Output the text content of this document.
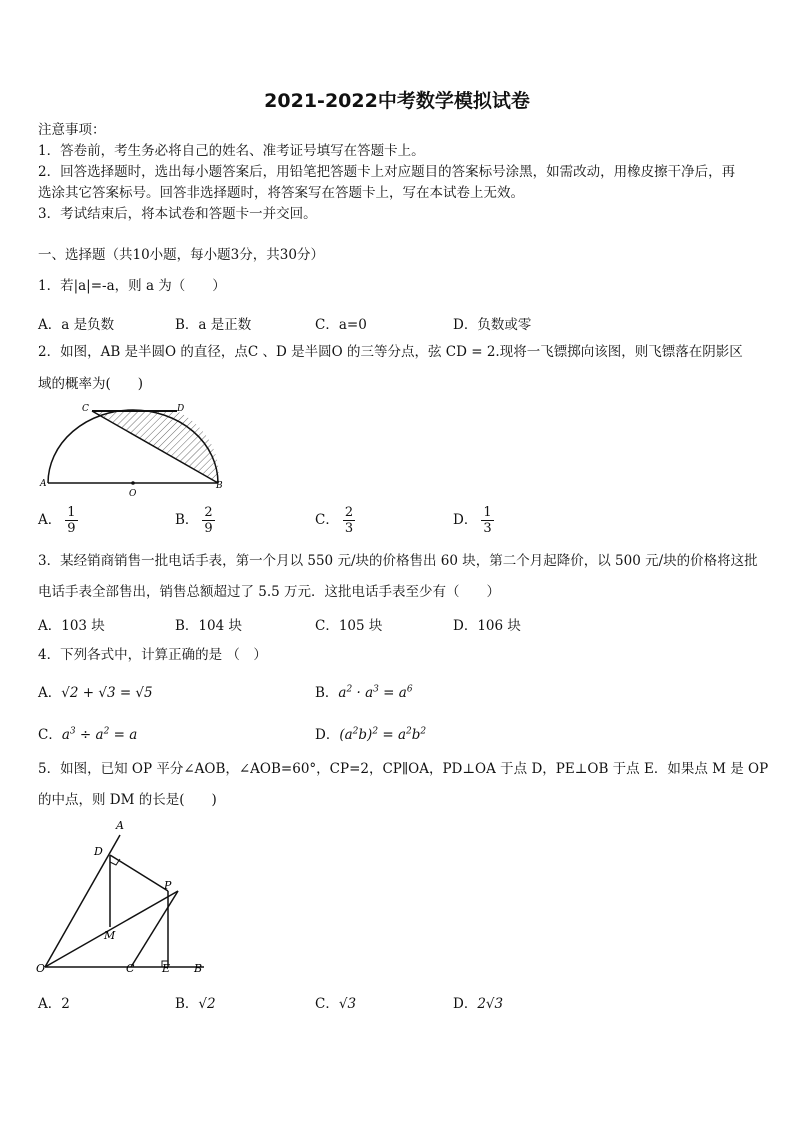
2021-2022中考数学模拟试卷
注意事项：
1．答卷前，考生务必将自己的姓名、准考证号填写在答题卡上。
2．回答选择题时，选出每小题答案后，用铅笔把答题卡上对应题目的答案标号涂黑，如需改动，用橡皮擦干净后，再
选涂其它答案标号。回答非选择题时，将答案写在答题卡上，写在本试卷上无效。
3．考试结束后，将本试卷和答题卡一并交回。
一、选择题（共10小题，每小题3分，共30分）
1．若|a|=-a，则 a 为（　　）
A．a 是负数	B．a 是正数	C．a=0	D．负数或零
2．如图，AB 是半圆O 的直径，点C 、D 是半圆O 的三等分点，弦 CD = 2.现将一飞镖掷向该图，则飞镖落在阴影区
域的概率为(　　)
C	D
A
O
B
A． $\frac{1}{9}$	B． $\frac{2}{9}$	C． $\frac{2}{3}$	D． $\frac{1}{3}$
3．某经销商销售一批电话手表，第一个月以 550 元/块的价格售出 60 块，第二个月起降价，以 500 元/块的价格将这批
电话手表全部售出，销售总额超过了 5.5 万元．这批电话手表至少有（　　）
A．103 块	B．104 块	C．105 块	D．106 块
4．下列各式中，计算正确的是 （　）
A．√2 + √3 = √5	B．$a^2 \cdot a^3 = a^6$
C．$a^3 \div a^2 = a$	D．$(a^2b)^2 = a^2b^2$
5．如图，已知 OP 平分∠AOB，∠AOB=60°，CP=2，CP∥OA，PD⊥OA 于点 D，PE⊥OB 于点 E．如果点 M 是 OP
的中点，则 DM 的长是(　　)
A
D
P
M
O	C	E B
A．2	B．√2	C．√3	D．2√3
